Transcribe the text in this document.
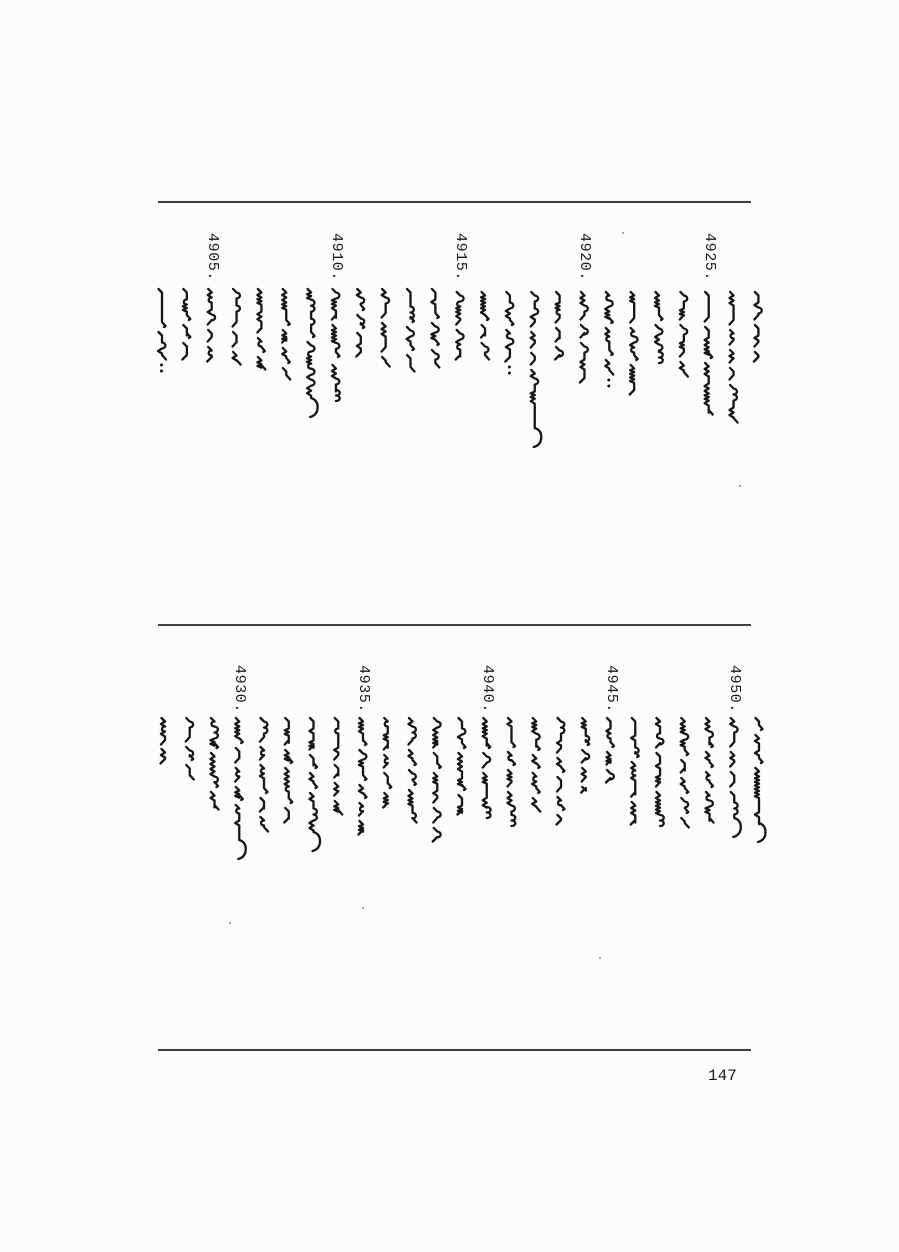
4905.	4910.	4915.	4920.	4925.
4930.	4935.	4940.	4945.	4950.
147
